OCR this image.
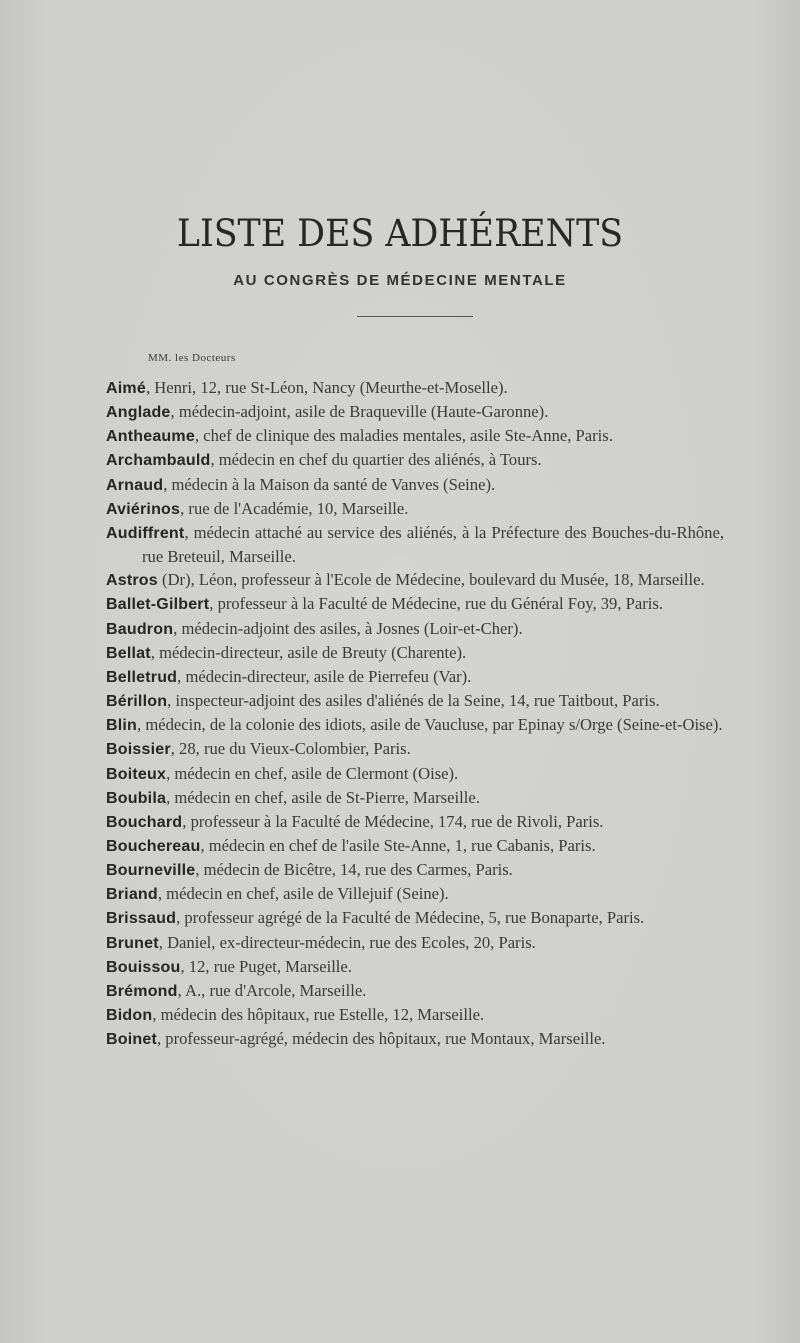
LISTE DES ADHÉRENTS

AU CONGRÈS DE MÉDECINE MENTALE

MM. les Docteurs

Aimé, Henri, 12, rue St-Léon, Nancy (Meurthe-et-Moselle).
Anglade, médecin-adjoint, asile de Braqueville (Haute-Garonne).
Antheaume, chef de clinique des maladies mentales, asile Ste-Anne, Paris.
Archambauld, médecin en chef du quartier des aliénés, à Tours.
Arnaud, médecin à la Maison da santé de Vanves (Seine).
Aviérinos, rue de l'Académie, 10, Marseille.
Audiffrent, médecin attaché au service des aliénés, à la Préfecture des Bouches-du-Rhône, rue Breteuil, Marseille.
Astros (Dr), Léon, professeur à l'Ecole de Médecine, boulevard du Musée, 18, Marseille.
Ballet-Gilbert, professeur à la Faculté de Médecine, rue du Général Foy, 39, Paris.
Baudron, médecin-adjoint des asiles, à Josnes (Loir-et-Cher).
Bellat, médecin-directeur, asile de Breuty (Charente).
Belletrud, médecin-directeur, asile de Pierrefeu (Var).
Bérillon, inspecteur-adjoint des asiles d'aliénés de la Seine, 14, rue Taitbout, Paris.
Blin, médecin, de la colonie des idiots, asile de Vaucluse, par Epinay s/Orge (Seine-et-Oise).
Boissier, 28, rue du Vieux-Colombier, Paris.
Boiteux, médecin en chef, asile de Clermont (Oise).
Boubila, médecin en chef, asile de St-Pierre, Marseille.
Bouchard, professeur à la Faculté de Médecine, 174, rue de Rivoli, Paris.
Bouchereau, médecin en chef de l'asile Ste-Anne, 1, rue Cabanis, Paris.
Bourneville, médecin de Bicêtre, 14, rue des Carmes, Paris.
Briand, médecin en chef, asile de Villejuif (Seine).
Brissaud, professeur agrégé de la Faculté de Médecine, 5, rue Bonaparte, Paris.
Brunet, Daniel, ex-directeur-médecin, rue des Ecoles, 20, Paris.
Bouissou, 12, rue Puget, Marseille.
Brémond, A., rue d'Arcole, Marseille.
Bidon, médecin des hôpitaux, rue Estelle, 12, Marseille.
Boinet, professeur-agrégé, médecin des hôpitaux, rue Montaux, Marseille.
